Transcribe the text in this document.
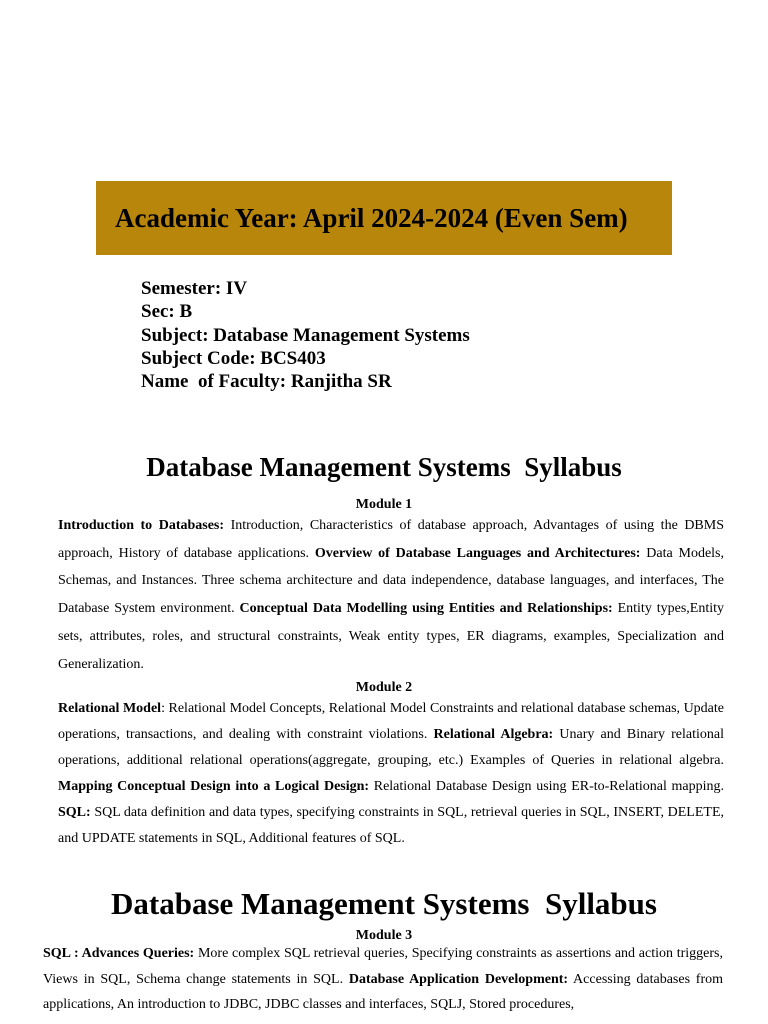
Academic Year: April 2024-2024 (Even Sem)
Semester: IV
Sec: B
Subject: Database Management Systems
Subject Code: BCS403
Name  of Faculty: Ranjitha SR
Database Management Systems  Syllabus
Module 1

Introduction to Databases: Introduction, Characteristics of database approach, Advantages of using the DBMS approach, History of database applications. Overview of Database Languages and Architectures: Data Models, Schemas, and Instances. Three schema architecture and data independence, database languages, and interfaces, The Database System environment. Conceptual Data Modelling using Entities and Relationships: Entity types,Entity sets, attributes, roles, and structural constraints, Weak entity types, ER diagrams, examples, Specialization and Generalization.

Module 2

Relational Model: Relational Model Concepts, Relational Model Constraints and relational database schemas, Update operations, transactions, and dealing with constraint violations. Relational Algebra: Unary and Binary relational operations, additional relational operations(aggregate, grouping, etc.) Examples of Queries in relational algebra. Mapping Conceptual Design into a Logical Design: Relational Database Design using ER-to-Relational mapping. SQL: SQL data definition and data types, specifying constraints in SQL, retrieval queries in SQL, INSERT, DELETE, and UPDATE statements in SQL, Additional features of SQL.

Database Management Systems  Syllabus
Module 3

SQL : Advances Queries: More complex SQL retrieval queries, Specifying constraints as assertions and action triggers, Views in SQL, Schema change statements in SQL. Database Application Development: Accessing databases from applications, An introduction to JDBC, JDBC classes and interfaces, SQLJ, Stored procedures,
